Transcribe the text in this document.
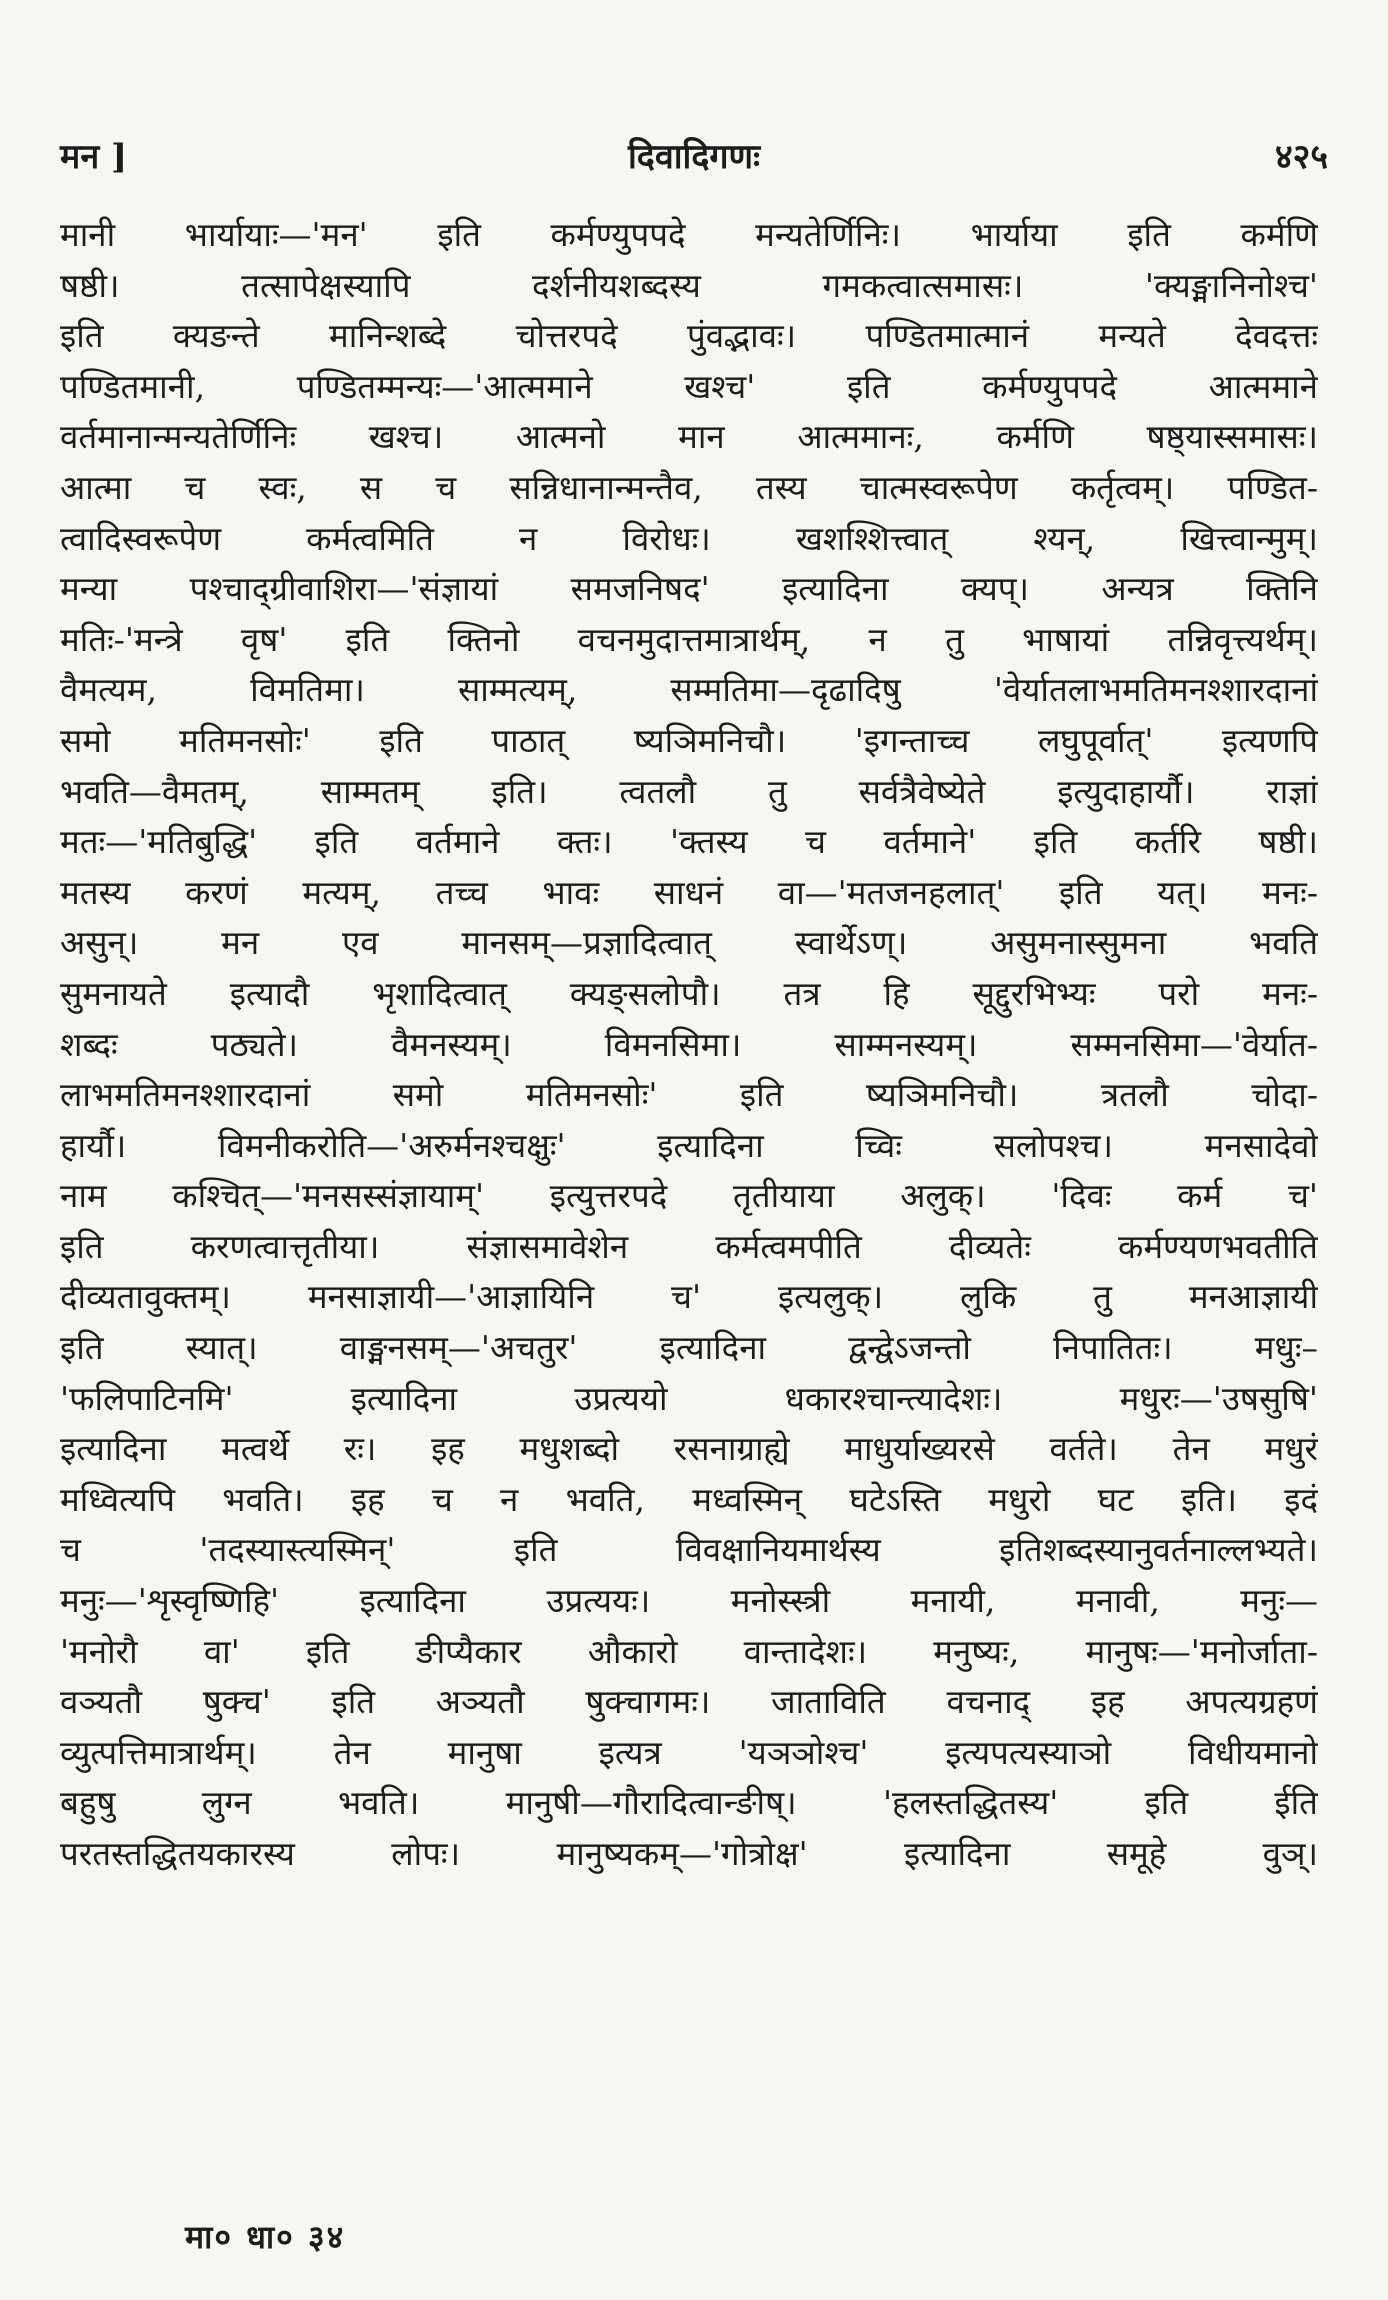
मन ]	दिवादिगणः	४२५
मानी भार्यायाः—'मन' इति कर्मण्युपपदे मन्यतेर्णिनिः। भार्याया इति कर्मणि
षष्ठी। तत्सापेक्षस्यापि दर्शनीयशब्दस्य गमकत्वात्समासः। 'क्यङ्मानिनोश्च'
इति क्यङन्ते मानिन्शब्दे चोत्तरपदे पुंवद्भावः। पण्डितमात्मानं मन्यते देवदत्तः
पण्डितमानी, पण्डितम्मन्यः—'आत्ममाने खश्च' इति कर्मण्युपपदे आत्ममाने
वर्तमानान्मन्यतेर्णिनिः खश्च। आत्मनो मान आत्ममानः, कर्मणि षष्ठ्यास्समासः।
आत्मा च स्वः, स च सन्निधानान्मन्तैव, तस्य चात्मस्वरूपेण कर्तृत्वम्। पण्डित-
त्वादिस्वरूपेण कर्मत्वमिति न विरोधः। खशश्शित्त्वात् श्यन्, खित्त्वान्मुम्।
मन्या पश्चाद्ग्रीवाशिरा—'संज्ञायां समजनिषद' इत्यादिना क्यप्। अन्यत्र क्तिनि
मतिः-'मन्त्रे वृष' इति क्तिनो वचनमुदात्तमात्रार्थम्, न तु भाषायां तन्निवृत्त्यर्थम्।
वैमत्यम, विमतिमा। साम्मत्यम्, सम्मतिमा—दृढादिषु 'वेर्यातलाभमतिमनश्शारदानां
समो मतिमनसोः' इति पाठात् ष्यञिमनिचौ। 'इगन्ताच्च लघुपूर्वात्' इत्यणपि
भवति—वैमतम्, साम्मतम् इति। त्वतलौ तु सर्वत्रैवेष्येते इत्युदाहार्यौ। राज्ञां
मतः—'मतिबुद्धि' इति वर्तमाने क्तः। 'क्तस्य च वर्तमाने' इति कर्तरि षष्ठी।
मतस्य करणं मत्यम्, तच्च भावः साधनं वा—'मतजनहलात्' इति यत्। मनः-
असुन्। मन एव मानसम्—प्रज्ञादित्वात् स्वार्थेऽण्। असुमनास्सुमना भवति
सुमनायते इत्यादौ भृशादित्वात् क्यङ्सलोपौ। तत्र हि सूद्दुरभिभ्यः परो मनः-
शब्दः पठ्यते। वैमनस्यम्। विमनसिमा। साम्मनस्यम्। सम्मनसिमा—'वेर्यात-
लाभमतिमनश्शारदानां समो मतिमनसोः' इति ष्यञिमनिचौ। त्रतलौ चोदा-
हार्यौ। विमनीकरोति—'अरुर्मनश्चक्षुः' इत्यादिना च्विः सलोपश्च। मनसादेवो
नाम कश्चित्—'मनसस्संज्ञायाम्' इत्युत्तरपदे तृतीयाया अलुक्। 'दिवः कर्म च'
इति करणत्वात्तृतीया। संज्ञासमावेशेन कर्मत्वमपीति दीव्यतेः कर्मण्यणभवतीति
दीव्यतावुक्तम्। मनसाज्ञायी—'आज्ञायिनि च' इत्यलुक्। लुकि तु मनआज्ञायी
इति स्यात्। वाङ्मनसम्—'अचतुर' इत्यादिना द्वन्द्वेऽजन्तो निपातितः। मधुः–
'फलिपाटिनमि' इत्यादिना उप्रत्ययो धकारश्चान्त्यादेशः। मधुरः—'उषसुषि'
इत्यादिना मत्वर्थे रः। इह मधुशब्दो रसनाग्राह्ये माधुर्याख्यरसे वर्तते। तेन मधुरं
मध्वित्यपि भवति। इह च न भवति, मध्वस्मिन् घटेऽस्ति मधुरो घट इति। इदं
च 'तदस्यास्त्यस्मिन्' इति विवक्षानियमार्थस्य इतिशब्दस्यानुवर्तनाल्लभ्यते।
मनुः—'शृस्वृष्णिहि' इत्यादिना उप्रत्ययः। मनोस्स्त्री मनायी, मनावी, मनुः—
'मनोरौ वा' इति ङीप्यैकार औकारो वान्तादेशः। मनुष्यः, मानुषः—'मनोर्जाता-
वञ्यतौ षुक्च' इति अञ्यतौ षुक्चागमः। जाताविति वचनाद् इह अपत्यग्रहणं
व्युत्पत्तिमात्रार्थम्। तेन मानुषा इत्यत्र 'यञञोश्च' इत्यपत्यस्याञो विधीयमानो
बहुषु लुग्न भवति। मानुषी—गौरादित्वान्ङीष्। 'हलस्तद्धितस्य' इति ईति
परतस्तद्धितयकारस्य लोपः। मानुष्यकम्—'गोत्रोक्ष' इत्यादिना समूहे वुञ्।
मा० धा० ३४
